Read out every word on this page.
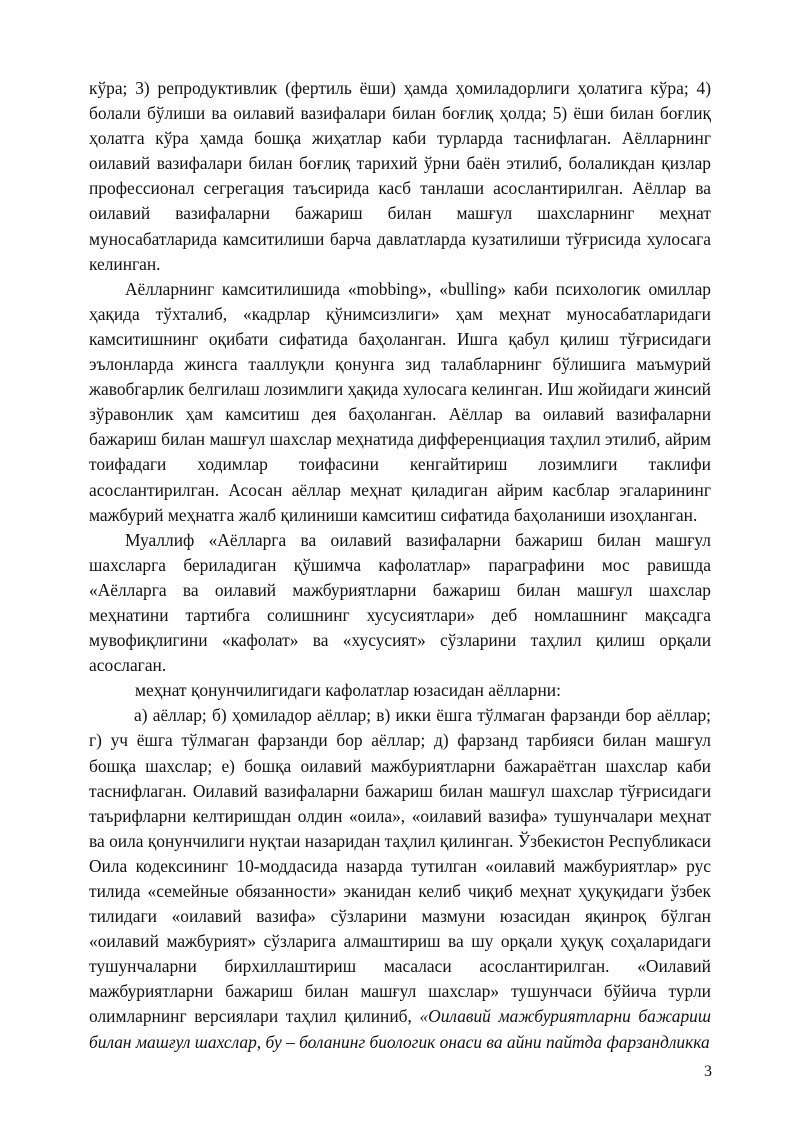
кўра; 3) репродуктивлик (фертиль ёши) ҳамда ҳомиладорлиги ҳолатига кўра; 4) болали бўлиши ва оилавий вазифалари билан боғлиқ ҳолда; 5) ёши билан боғлиқ ҳолатга кўра ҳамда бошқа жиҳатлар каби турларда таснифлаган. Аёлларнинг оилавий вазифалари билан боғлиқ тарихий ўрни баён этилиб, болаликдан қизлар профессионал сегрегация таъсирида касб танлаши асослантирилган. Аёллар ва оилавий вазифаларни бажариш билан машғул шахсларнинг меҳнат муносабатларида камситилиши барча давлатларда кузатилиши тўғрисида хулосага келинган.

Аёлларнинг камситилишида «mobbing», «bulling» каби психологик омиллар ҳақида тўхталиб, «кадрлар қўнимсизлиги» ҳам меҳнат муносабатларидаги камситишнинг оқибати сифатида баҳоланган. Ишга қабул қилиш тўғрисидаги эълонларда жинсга тааллуқли қонунга зид талабларнинг бўлишига маъмурий жавобгарлик белгилаш лозимлиги ҳақида хулосага келинган. Иш жойидаги жинсий зўравонлик ҳам камситиш дея баҳоланган. Аёллар ва оилавий вазифаларни бажариш билан машғул шахслар меҳнатида дифференциация таҳлил этилиб, айрим тоифадаги ходимлар тоифасини кенгайтириш лозимлиги таклифи асослантирилган. Асосан аёллар меҳнат қиладиган айрим касблар эгаларининг мажбурий меҳнатга жалб қилиниши камситиш сифатида баҳоланиши изоҳланган.

Муаллиф «Аёлларга ва оилавий вазифаларни бажариш билан машғул шахсларга бериладиган қўшимча кафолатлар» параграфини мос равишда «Аёлларга ва оилавий мажбуриятларни бажариш билан машғул шахслар меҳнатини тартибга солишнинг хусусиятлари» деб номлашнинг мақсадга мувофиқлигини «кафолат» ва «хусусият» сўзларини таҳлил қилиш орқали асослаган.

меҳнат қонунчилигидаги кафолатлар юзасидан аёлларни:

а) аёллар; б) ҳомиладор аёллар; в) икки ёшга тўлмаган фарзанди бор аёллар; г) уч ёшга тўлмаган фарзанди бор аёллар; д) фарзанд тарбияси билан машғул бошқа шахслар; е) бошқа оилавий мажбуриятларни бажараётган шахслар каби таснифлаган. Оилавий вазифаларни бажариш билан машғул шахслар тўғрисидаги таърифларни келтиришдан олдин «оила», «оилавий вазифа» тушунчалари меҳнат ва оила қонунчилиги нуқтаи назаридан таҳлил қилинган. Ўзбекистон Республикаси Оила кодексининг 10-моддасида назарда тутилган «оилавий мажбуриятлар» рус тилида «семейные обязанности» эканидан келиб чиқиб меҳнат ҳуқуқидаги ўзбек тилидаги «оилавий вазифа» сўзларини мазмуни юзасидан яқинроқ бўлган «оилавий мажбурият» сўзларига алмаштириш ва шу орқали ҳуқуқ соҳаларидаги тушунчаларни бирхиллаштириш масаласи асослантирилган. «Оилавий мажбуриятларни бажариш билан машғул шахслар» тушунчаси бўйича турли олимларнинг версиялари таҳлил қилиниб, «Оилавий мажбуриятларни бажариш билан машғул шахслар, бу – боланинг биологик онаси ва айни пайтда фарзандликка

3
